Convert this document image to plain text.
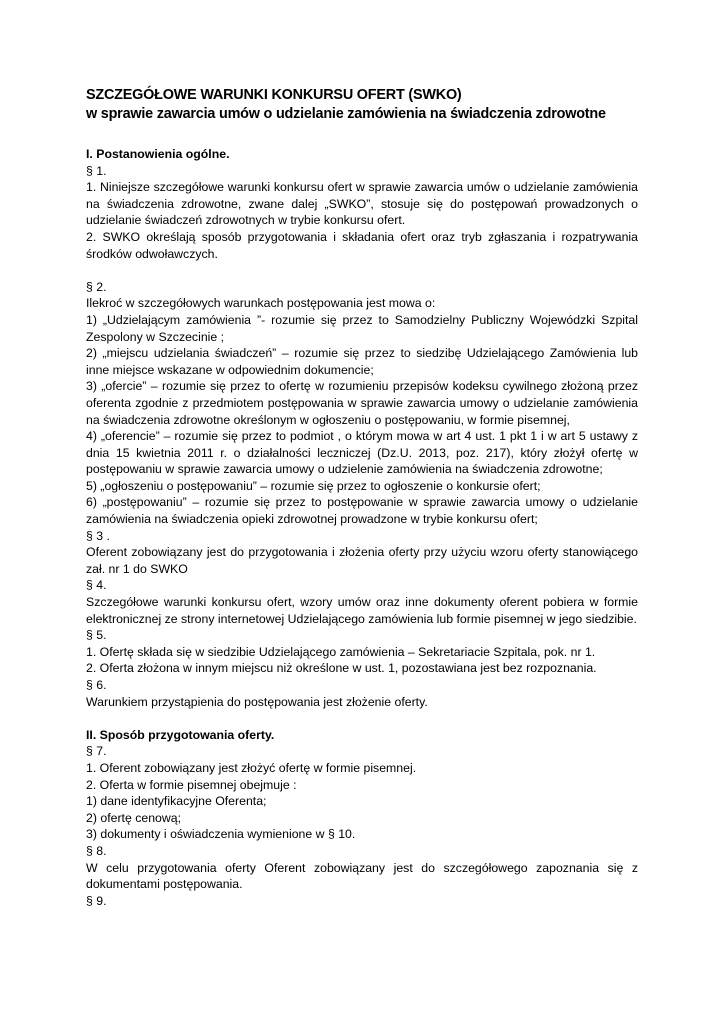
SZCZEGÓŁOWE WARUNKI KONKURSU OFERT (SWKO)

w sprawie zawarcia umów o udzielanie zamówienia na świadczenia zdrowotne

I. Postanowienia ogólne.

§ 1.

1. Niniejsze szczegółowe warunki konkursu ofert w sprawie zawarcia umów o udzielanie zamówienia na świadczenia zdrowotne, zwane dalej „SWKO”, stosuje się do postępowań prowadzonych o udzielanie świadczeń zdrowotnych w trybie konkursu ofert.

2. SWKO określają sposób przygotowania i składania ofert oraz tryb zgłaszania i rozpatrywania środków odwoławczych.

§ 2.

Ilekroć w szczegółowych warunkach postępowania jest mowa o:

1) „Udzielającym zamówienia ”- rozumie się przez to Samodzielny Publiczny Wojewódzki Szpital Zespolony w Szczecinie ;

2) „miejscu udzielania świadczeń” – rozumie się przez to siedzibę Udzielającego Zamówienia lub inne miejsce wskazane w odpowiednim dokumencie;

3) „ofercie” – rozumie się przez to ofertę w rozumieniu przepisów kodeksu cywilnego złożoną przez oferenta zgodnie z przedmiotem postępowania w sprawie zawarcia umowy o udzielanie zamówienia na świadczenia zdrowotne określonym w ogłoszeniu o postępowaniu, w formie pisemnej,

4) „oferencie” – rozumie się przez to podmiot , o którym mowa w art 4 ust. 1 pkt 1 i w art 5 ustawy z dnia 15 kwietnia 2011 r. o działalności leczniczej (Dz.U. 2013, poz. 217), który złożył ofertę w postępowaniu w sprawie zawarcia umowy o udzielenie zamówienia na świadczenia zdrowotne;

5) „ogłoszeniu o postępowaniu” – rozumie się przez to ogłoszenie o konkursie ofert;

6) „postępowaniu” – rozumie się przez to postępowanie w sprawie zawarcia umowy o udzielanie zamówienia na świadczenia opieki zdrowotnej prowadzone w trybie konkursu ofert;

§ 3 .

Oferent zobowiązany jest do przygotowania i złożenia oferty przy użyciu wzoru oferty stanowiącego zał. nr 1 do SWKO

§ 4.

Szczegółowe warunki konkursu ofert, wzory umów oraz inne dokumenty oferent pobiera w formie elektronicznej ze strony internetowej Udzielającego zamówienia lub formie pisemnej w jego siedzibie.

§ 5.

1. Ofertę składa się w siedzibie Udzielającego zamówienia – Sekretariacie Szpitala, pok. nr 1.

2. Oferta złożona w innym miejscu niż określone w ust. 1, pozostawiana jest bez rozpoznania.

§ 6.

Warunkiem przystąpienia do postępowania jest złożenie oferty.

II. Sposób przygotowania oferty.

§ 7.

1. Oferent zobowiązany jest złożyć ofertę w formie pisemnej.

2. Oferta w formie pisemnej obejmuje :

1) dane identyfikacyjne Oferenta;

2) ofertę cenową;

3) dokumenty i oświadczenia wymienione w § 10.

§ 8.

W celu przygotowania oferty Oferent zobowiązany jest do szczegółowego zapoznania się z dokumentami postępowania.

§ 9.
